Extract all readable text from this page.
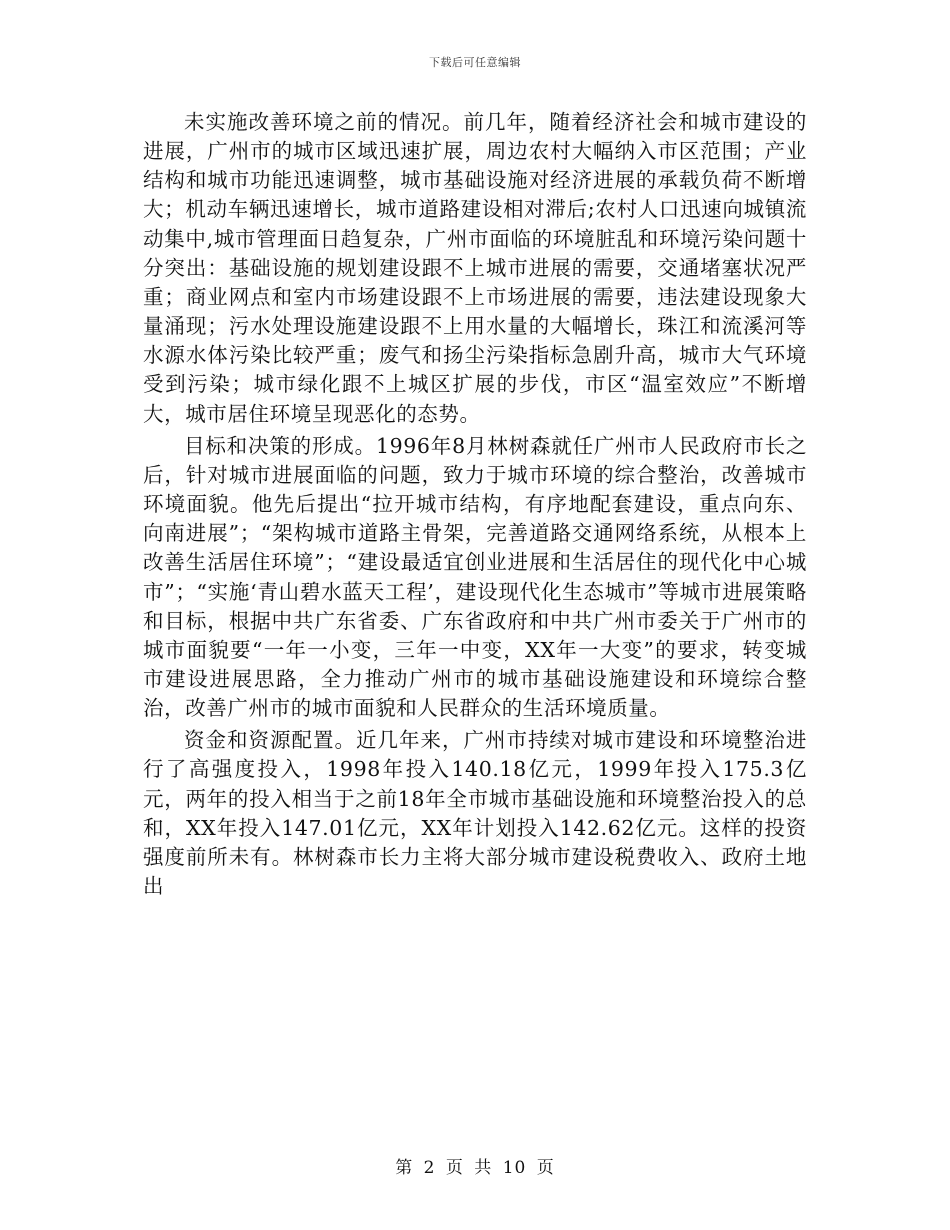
下载后可任意编辑

未实施改善环境之前的情况。前几年，随着经济社会和城市建设的进展，广州市的城市区域迅速扩展，周边农村大幅纳入市区范围；产业结构和城市功能迅速调整，城市基础设施对经济进展的承载负荷不断增大；机动车辆迅速增长，城市道路建设相对滞后;农村人口迅速向城镇流动集中,城市管理面日趋复杂，广州市面临的环境脏乱和环境污染问题十分突出：基础设施的规划建设跟不上城市进展的需要，交通堵塞状况严重；商业网点和室内市场建设跟不上市场进展的需要，违法建设现象大量涌现；污水处理设施建设跟不上用水量的大幅增长，珠江和流溪河等水源水体污染比较严重；废气和扬尘污染指标急剧升高，城市大气环境受到污染；城市绿化跟不上城区扩展的步伐，市区“温室效应”不断增大，城市居住环境呈现恶化的态势。

目标和决策的形成。1996年8月林树森就任广州市人民政府市长之后，针对城市进展面临的问题，致力于城市环境的综合整治，改善城市环境面貌。他先后提出“拉开城市结构，有序地配套建设，重点向东、向南进展”；“架构城市道路主骨架，完善道路交通网络系统，从根本上改善生活居住环境”；“建设最适宜创业进展和生活居住的现代化中心城市”；“实施‘青山碧水蓝天工程’，建设现代化生态城市”等城市进展策略和目标，根据中共广东省委、广东省政府和中共广州市委关于广州市的城市面貌要“一年一小变，三年一中变，XX年一大变”的要求，转变城市建设进展思路，全力推动广州市的城市基础设施建设和环境综合整治，改善广州市的城市面貌和人民群众的生活环境质量。

资金和资源配置。近几年来，广州市持续对城市建设和环境整治进行了高强度投入，1998年投入140.18亿元，1999年投入175.3亿元，两年的投入相当于之前18年全市城市基础设施和环境整治投入的总和，XX年投入147.01亿元，XX年计划投入142.62亿元。这样的投资强度前所未有。林树森市长力主将大部分城市建设税费收入、政府土地出

第 2 页 共 10 页
